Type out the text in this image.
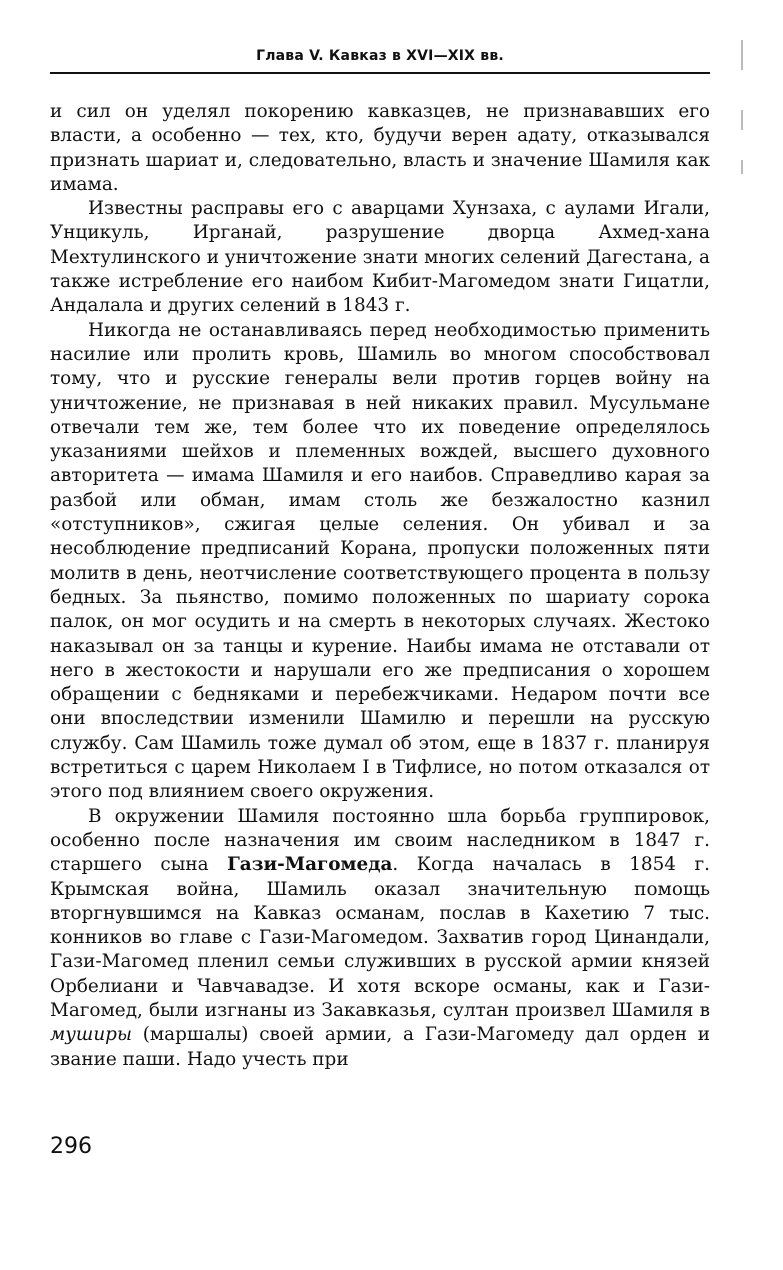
Глава V. Кавказ в XVI—XIX вв.

и сил он уделял покорению кавказцев, не признававших его власти, а особенно — тех, кто, будучи верен адату, отказывался признать шариат и, следовательно, власть и значение Шамиля как имама.

Известны расправы его с аварцами Хунзаха, с аулами Игали, Унцикуль, Ирганай, разрушение дворца Ахмед-хана Мехтулинского и уничтожение знати многих селений Дагестана, а также истребление его наибом Кибит-Магомедом знати Гицатли, Андалала и других селений в 1843 г.

Никогда не останавливаясь перед необходимостью применить насилие или пролить кровь, Шамиль во многом способствовал тому, что и русские генералы вели против горцев войну на уничтожение, не признавая в ней никаких правил. Мусульмане отвечали тем же, тем более что их поведение определялось указаниями шейхов и племенных вождей, высшего духовного авторитета — имама Шамиля и его наибов. Справедливо карая за разбой или обман, имам столь же безжалостно казнил «отступников», сжигая целые селения. Он убивал и за несоблюдение предписаний Корана, пропуски положенных пяти молитв в день, неотчисление соответствующего процента в пользу бедных. За пьянство, помимо положенных по шариату сорока палок, он мог осудить и на смерть в некоторых случаях. Жестоко наказывал он за танцы и курение. Наибы имама не отставали от него в жестокости и нарушали его же предписания о хорошем обращении с бедняками и перебежчиками. Недаром почти все они впоследствии изменили Шамилю и перешли на русскую службу. Сам Шамиль тоже думал об этом, еще в 1837 г. планируя встретиться с царем Николаем I в Тифлисе, но потом отказался от этого под влиянием своего окружения.

В окружении Шамиля постоянно шла борьба группировок, особенно после назначения им своим наследником в 1847 г. старшего сына Гази-Магомеда. Когда началась в 1854 г. Крымская война, Шамиль оказал значительную помощь вторгнувшимся на Кавказ османам, послав в Кахетию 7 тыс. конников во главе с Гази-Магомедом. Захватив город Цинандали, Гази-Магомед пленил семьи служивших в русской армии князей Орбелиани и Чавчавадзе. И хотя вскоре османы, как и Гази-Магомед, были изгнаны из Закавказья, султан произвел Шамиля в муширы (маршалы) своей армии, а Гази-Магомеду дал орден и звание паши. Надо учесть при

296
